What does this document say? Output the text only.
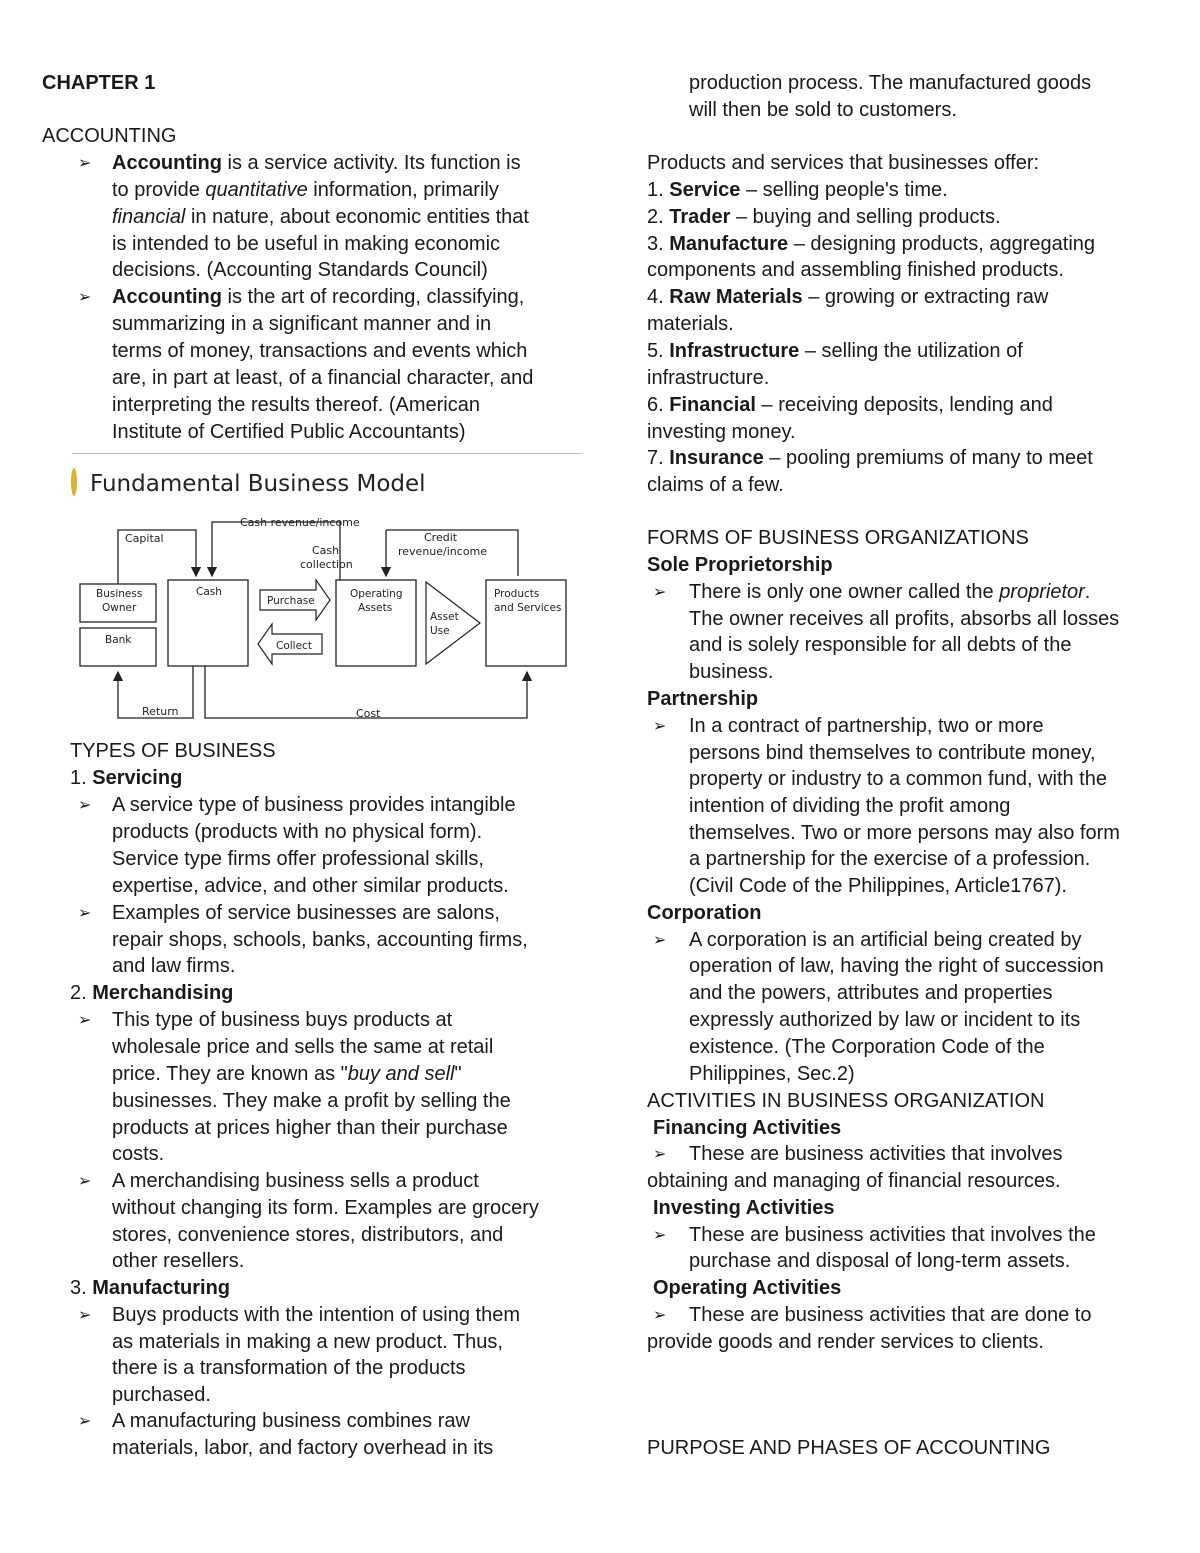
CHAPTER 1
ACCOUNTING
➢ Accounting is a service activity. Its function is
to provide quantitative information, primarily
financial in nature, about economic entities that
is intended to be useful in making economic
decisions. (Accounting Standards Council)
➢ Accounting is the art of recording, classifying,
summarizing in a significant manner and in
terms of money, transactions and events which
are, in part at least, of a financial character, and
interpreting the results thereof. (American
Institute of Certified Public Accountants)
Fundamental Business Model
Capital
Cash revenue/income
Credit
revenue/income
Cash
collection
Business
Owner
Bank
Cash
Purchase
Collect
Operating
Assets
Asset
Use
Products
and Services
Return	Cost
TYPES OF BUSINESS
1. Servicing
➢ A service type of business provides intangible
products (products with no physical form).
Service type firms offer professional skills,
expertise, advice, and other similar products.
➢ Examples of service businesses are salons,
repair shops, schools, banks, accounting firms,
and law firms.
2. Merchandising
➢ This type of business buys products at
wholesale price and sells the same at retail
price. They are known as "buy and sell"
businesses. They make a profit by selling the
products at prices higher than their purchase
costs.
➢ A merchandising business sells a product
without changing its form. Examples are grocery
stores, convenience stores, distributors, and
other resellers.
3. Manufacturing
➢ Buys products with the intention of using them
as materials in making a new product. Thus,
there is a transformation of the products
purchased.
➢ A manufacturing business combines raw
materials, labor, and factory overhead in its
production process. The manufactured goods
will then be sold to customers.
Products and services that businesses offer:
1. Service – selling people's time.
2. Trader – buying and selling products.
3. Manufacture – designing products, aggregating
components and assembling finished products.
4. Raw Materials – growing or extracting raw
materials.
5. Infrastructure – selling the utilization of
infrastructure.
6. Financial – receiving deposits, lending and
investing money.
7. Insurance – pooling premiums of many to meet
claims of a few.
FORMS OF BUSINESS ORGANIZATIONS
Sole Proprietorship
➢ There is only one owner called the proprietor.
The owner receives all profits, absorbs all losses
and is solely responsible for all debts of the
business.
Partnership
➢ In a contract of partnership, two or more
persons bind themselves to contribute money,
property or industry to a common fund, with the
intention of dividing the profit among
themselves. Two or more persons may also form
a partnership for the exercise of a profession.
(Civil Code of the Philippines, Article1767).
Corporation
➢ A corporation is an artificial being created by
operation of law, having the right of succession
and the powers, attributes and properties
expressly authorized by law or incident to its
existence. (The Corporation Code of the
Philippines, Sec.2)
ACTIVITIES IN BUSINESS ORGANIZATION
Financing Activities
➢ These are business activities that involves
obtaining and managing of financial resources.
Investing Activities
➢ These are business activities that involves the
purchase and disposal of long-term assets.
Operating Activities
➢ These are business activities that are done to
provide goods and render services to clients.
PURPOSE AND PHASES OF ACCOUNTING
